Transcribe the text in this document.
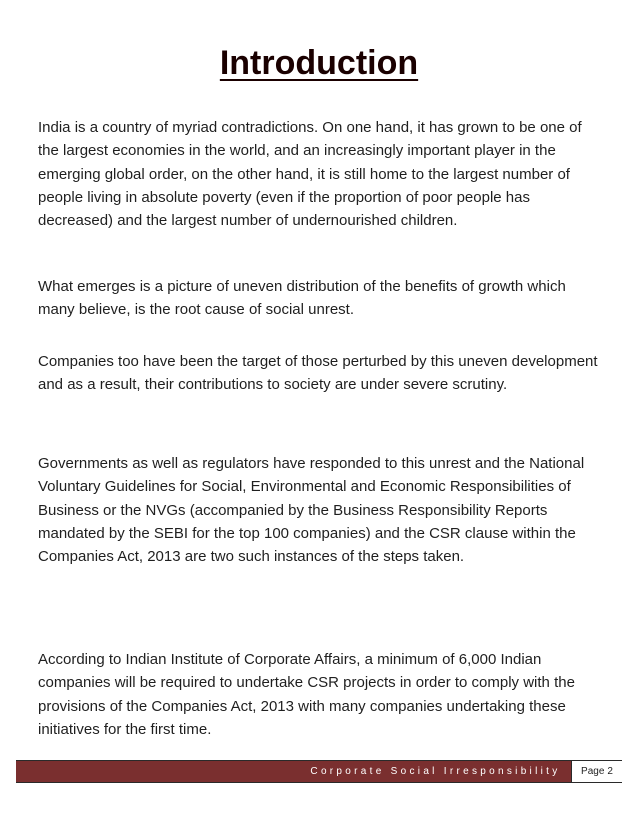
Introduction

India is a country of myriad contradictions. On one hand, it has grown to be one of the largest economies in the world, and an increasingly important player in the emerging global order, on the other hand, it is still home to the largest number of people living in absolute poverty (even if the proportion of poor people has decreased) and the largest number of undernourished children.

What emerges is a picture of uneven distribution of the benefits of growth which many believe, is the root cause of social unrest.

Companies too have been the target of those perturbed by this uneven development and as a result, their contributions to society are under severe scrutiny.

Governments as well as regulators have responded to this unrest and the National Voluntary Guidelines for Social, Environmental and Economic Responsibilities of Business or the NVGs (accompanied by the Business Responsibility Reports mandated by the SEBI for the top 100 companies) and the CSR clause within the Companies Act, 2013 are two such instances of the steps taken.

According to Indian Institute of Corporate Affairs, a minimum of 6,000 Indian companies will be required to undertake CSR projects in order to comply with the provisions of the Companies Act, 2013 with many companies undertaking these initiatives for the first time.

Corporate Social Irresponsibility Page 2
